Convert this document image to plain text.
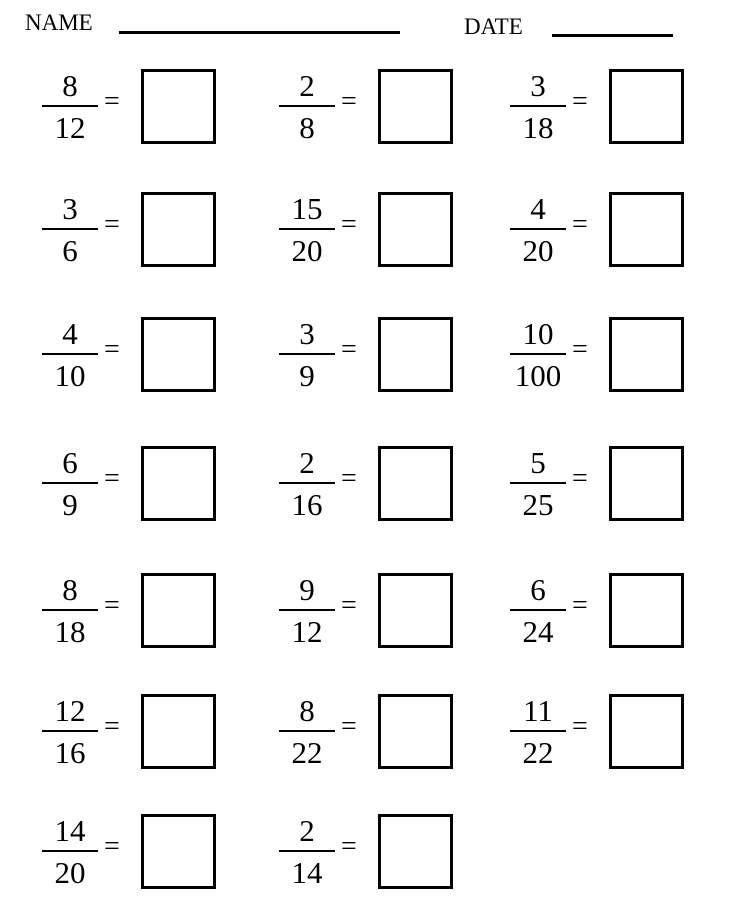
NAME	DATE
8
12
=	2
8
=	3
18
=
3
6
=	15
20
=	4
20
=
4
10
=	3
9
=	10
100
=
6
9
=	2
16
=	5
25
=
8
18
=	9
12
=	6
24
=
12
16
=	8
22
=	11
22
=
14
20
=	2
14
=
